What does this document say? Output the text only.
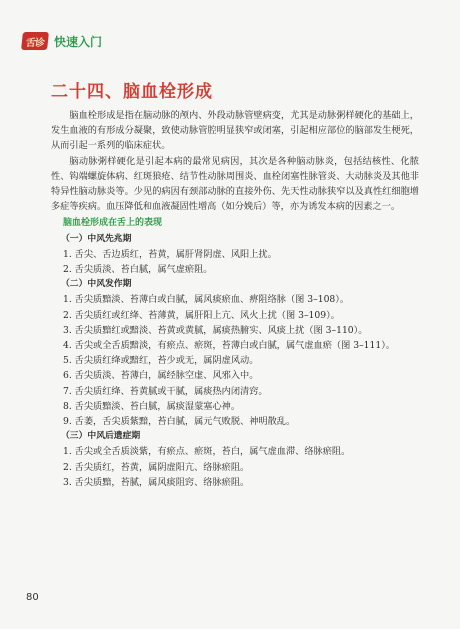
舌诊 快速入门
二十四、脑血栓形成

脑血栓形成是指在脑动脉的颅内、外段动脉管壁病变，尤其是动脉粥样硬化的基础上，发生血液的有形成分凝聚，致使动脉管腔明显狭窄或闭塞，引起相应部位的脑部发生梗死，从而引起一系列的临床症状。

脑动脉粥样硬化是引起本病的最常见病因，其次是各种脑动脉炎，包括结核性、化脓性、钩端螺旋体病、红斑狼疮、结节性动脉周围炎、血栓闭塞性脉管炎、大动脉炎及其他非特异性脑动脉炎等。少见的病因有颈部动脉的直接外伤、先天性动脉狭窄以及真性红细胞增多症等疾病。血压降低和血液凝固性增高（如分娩后）等，亦为诱发本病的因素之一。

脑血栓形成在舌上的表现
（一）中风先兆期
1. 舌尖、舌边质红，苔黄，属肝肾阴虚、风阳上扰。
2. 舌尖质淡、苔白腻，属气虚瘀阻。
（二）中风发作期
1. 舌尖质黯淡、苔薄白或白腻，属风痰瘀血、痹阻络脉（图 3–108）。
2. 舌尖质红或红绛、苔薄黄，属肝阳上亢、风火上扰（图 3–109）。
3. 舌尖质黯红或黯淡、苔黄或黄腻，属痰热腑实、风痰上扰（图 3–110）。
4. 舌尖或全舌质黯淡，有瘀点、瘀斑，苔薄白或白腻，属气虚血瘀（图 3–111）。
5. 舌尖质红绛或黯红，苔少或无，属阴虚风动。
6. 舌尖质淡、苔薄白，属经脉空虚、风邪入中。
7. 舌尖质红绛、苔黄腻或干腻，属痰热内闭清窍。
8. 舌尖质黯淡、苔白腻，属痰湿蒙塞心神。
9. 舌萎，舌尖质紫黯，苔白腻，属元气败脱、神明散乱。
（三）中风后遗症期
1. 舌尖或全舌质淡紫，有瘀点、瘀斑，苔白，属气虚血滞、络脉瘀阻。
2. 舌尖质红，苔黄，属阴虚阳亢、络脉瘀阻。
3. 舌尖质黯，苔腻，属风痰阻窍、络脉瘀阻。
80
